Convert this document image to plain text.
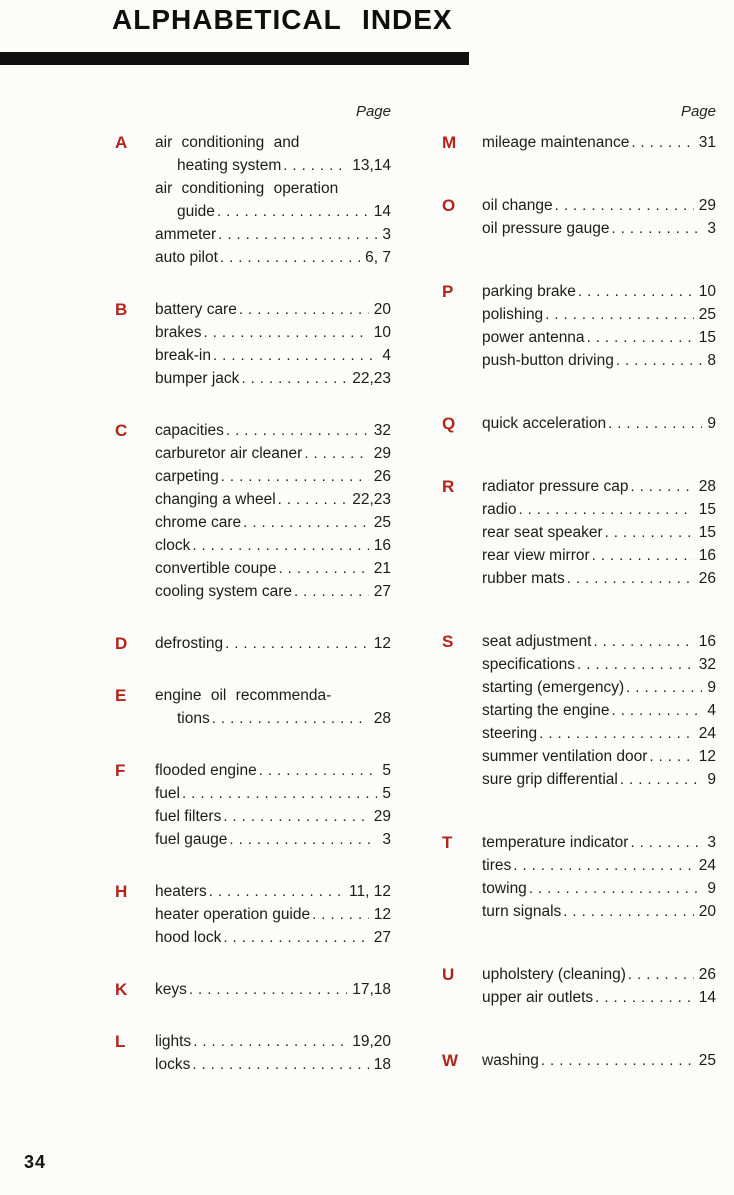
ALPHABETICAL INDEX
Page
A	air conditioning and
heating system .....	13,14
air conditioning operation
guide .....	14
ammeter .....	3
auto pilot .....	6, 7
B	battery care .....	20
brakes .....	10
break-in .....	4
bumper jack .....	22,23
C	capacities .....	32
carburetor air cleaner .....	29
carpeting .....	26
changing a wheel .....	22,23
chrome care .....	25
clock .....	16
convertible coupe .....	21
cooling system care .....	27
D	defrosting .....	12
E	engine oil recommenda-
tions .....	28
F	flooded engine .....	5
fuel .....	5
fuel filters .....	29
fuel gauge .....	3
H	heaters .....	11, 12
heater operation guide .....	12
hood lock .....	27
K	keys .....	17,18
L	lights .....	19,20
locks .....	18
Page
M	mileage maintenance .....	31
O	oil change .....	29
oil pressure gauge .....	3
P	parking brake .....	10
polishing .....	25
power antenna .....	15
push-button driving .....	8
Q	quick acceleration .....	9
R	radiator pressure cap .....	28
radio .....	15
rear seat speaker .....	15
rear view mirror .....	16
rubber mats .....	26
S	seat adjustment .....	16
specifications .....	32
starting (emergency) .....	9
starting the engine .....	4
steering .....	24
summer ventilation door .....	12
sure grip differential .....	9
T	temperature indicator .....	3
tires .....	24
towing .....	9
turn signals .....	20
U	upholstery (cleaning) .....	26
upper air outlets .....	14
W	washing .....	25
34
